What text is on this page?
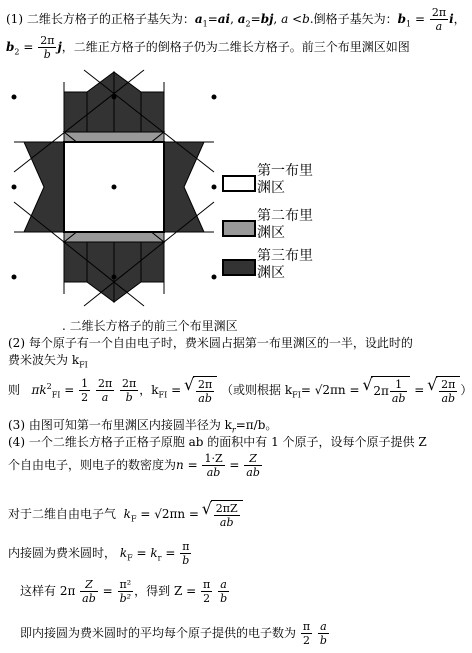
(1) 二维长方格子的正格子基矢为：$a_1=ai$, $a_2=bj$, a <b.倒格子基矢为：$b_1 = \frac{2\pi}{a}$ i，
$b_2 = \frac{2\pi}{b}$ j，二维正方格子的倒格子仍为二维长方格子。前三个布里渊区如图
第一布里渊区
第二布里渊区
第三布里渊区
. 二维长方格子的前三个布里渊区
(2) 每个原子有一个自由电子时，费米圆占据第一布里渊区的一半，设此时的
费米波矢为 $k_{FI}$
则 $\pi k^2_{FI} = \frac{1}{2}$
$\frac{2\pi}{a}$
$\frac{2\pi}{b}$ ，$k_{FI}$ = √ $\frac{2\pi}{ab}$ （或则根据 $k_{FI}= √2\pi n$ = √ $2\pi \frac{1}{ab}$ = √ $\frac{2\pi}{ab}$ ）
(3) 由图可知第一布里渊区内接圆半径为 $k_r=\pi/b$。
(4) 一个二维长方格子正格子原胞 ab 的面积中有 1 个原子，设每个原子提供 Z
个自由电子，则电子的数密度为$n = \frac{1\cdot Z}{ab} = \frac{Z}{ab}$
对于二维自由电子气 $k_F = √2\pi n$ = √ $\frac{2\pi Z}{ab}$
内接圆为费米圆时， $k_F = k_r = \frac{\pi}{b}$
这样有 $2\pi \frac{Z}{ab} = \frac{\text{π²}}{\text{b²}}$ ，得到 $Z = \frac{\pi}{2}$
$\frac{a}{b}$
即内接圆为费米圆时的平均每个原子提供的电子数为 $\frac{\pi}{2}$
$\frac{a}{b}$
